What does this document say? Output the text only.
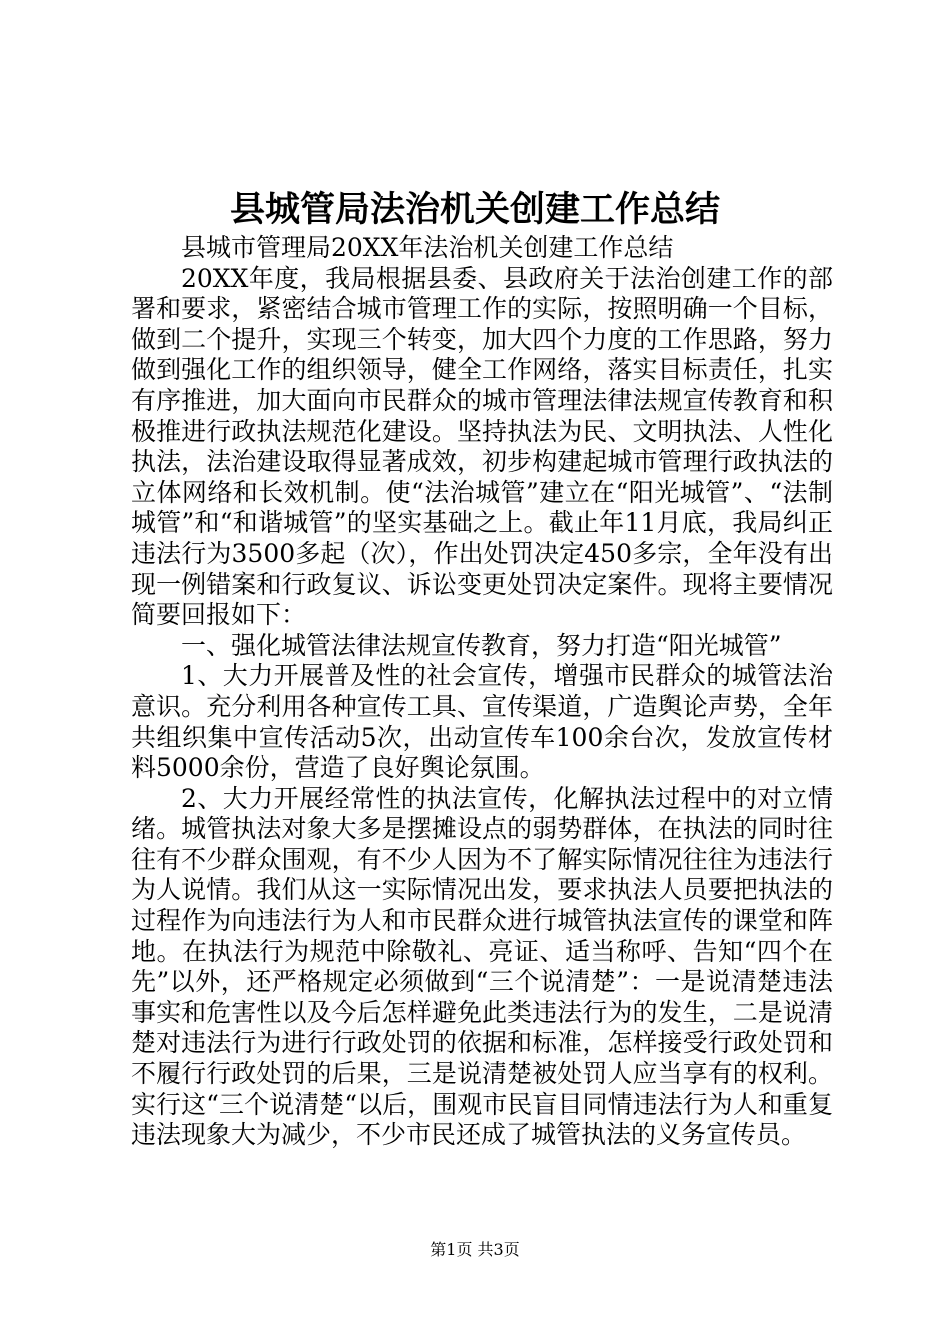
县城管局法治机关创建工作总结

县城市管理局20XX年法治机关创建工作总结

20XX年度，我局根据县委、县政府关于法治创建工作的部署和要求，紧密结合城市管理工作的实际，按照明确一个目标，做到二个提升，实现三个转变，加大四个力度的工作思路，努力做到强化工作的组织领导，健全工作网络，落实目标责任，扎实有序推进，加大面向市民群众的城市管理法律法规宣传教育和积极推进行政执法规范化建设。坚持执法为民、文明执法、人性化执法，法治建设取得显著成效，初步构建起城市管理行政执法的立体网络和长效机制。使“法治城管”建立在“阳光城管”、“法制城管”和“和谐城管”的坚实基础之上。截止年11月底，我局纠正违法行为3500多起（次），作出处罚决定450多宗，全年没有出现一例错案和行政复议、诉讼变更处罚决定案件。现将主要情况简要回报如下：

一、强化城管法律法规宣传教育，努力打造“阳光城管”

1、大力开展普及性的社会宣传，增强市民群众的城管法治意识。充分利用各种宣传工具、宣传渠道，广造舆论声势，全年共组织集中宣传活动5次，出动宣传车100余台次，发放宣传材料5000余份，营造了良好舆论氛围。

2、大力开展经常性的执法宣传，化解执法过程中的对立情绪。城管执法对象大多是摆摊设点的弱势群体，在执法的同时往往有不少群众围观，有不少人因为不了解实际情况往往为违法行为人说情。我们从这一实际情况出发，要求执法人员要把执法的过程作为向违法行为人和市民群众进行城管执法宣传的课堂和阵地。在执法行为规范中除敬礼、亮证、适当称呼、告知“四个在先”以外，还严格规定必须做到“三个说清楚”：一是说清楚违法事实和危害性以及今后怎样避免此类违法行为的发生，二是说清楚对违法行为进行行政处罚的依据和标准，怎样接受行政处罚和不履行行政处罚的后果，三是说清楚被处罚人应当享有的权利。实行这“三个说清楚“以后，围观市民盲目同情违法行为人和重复违法现象大为减少，不少市民还成了城管执法的义务宣传员。

第1页 共3页
